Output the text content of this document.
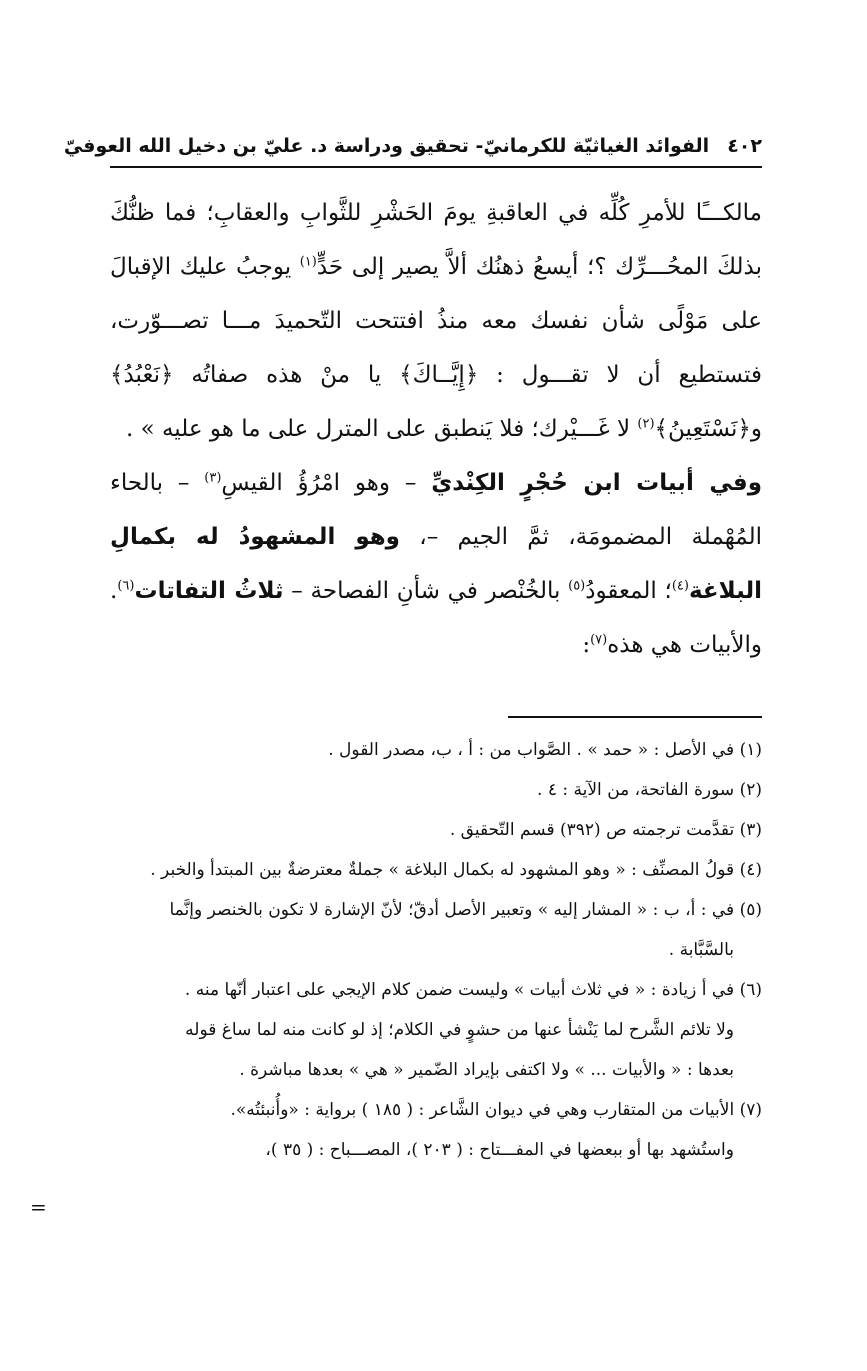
٤٠٢
الفوائد الغياثيّة للكرمانيّ- تحقيق ودراسة د. عليّ بن دخيل الله العوفيّ

مالكـــًا للأمرِ كُلِّه في العاقبةِ يومَ الحَشْرِ للثَّوابِ والعقابِ؛ فما ظنُّكَ بذلكَ المحُـــرِّك ؟؛ أيسعُ ذهنُك ألاَّ يصير إلى حَدٍّ$^{(١)}$ يوجبُ عليك الإقبالَ على مَوْلًى شأن نفسك معه منذُ افتتحت التّحميدَ مـــا تصـــوّرت، فتستطيع أن لا تقـــول : ﴿إِيَّــاكَ﴾ يا منْ هذه صفاتُه ﴿نَعْبُدُ﴾ و﴿نَسْتَعِينُ﴾$^{(٢)}$ لا غَـــيْرك؛ فلا يَنطبق على المترل على ما هو عليه » .

وفي أبيات ابن حُجْرٍ الكِنْديِّ – وهو امْرُؤُ القيسِ$^{(٣)}$ – بالحاء المُهْملة المضمومَة، ثمَّ الجيم –، وهو المشهودُ له بكمالِ البلاغة$^{(٤)}$؛ المعقودُ$^{(٥)}$ بالخُنْصر في شأنِ الفصاحة – ثلاثُ التفاتات$^{(٦)}$. والأبيات هي هذه$^{(٧)}$:

(١) في الأصل : « حمد » . الصَّواب من : أ ، ب، مصدر القول .

(٢) سورة الفاتحة، من الآية : ٤ .

(٣) تقدَّمت ترجمته ص (٣٩٢) قسم التّحقيق .

(٤) قولُ المصنِّف : « وهو المشهود له بكمال البلاغة » جملةٌ معترضةٌ بين المبتدأ والخبر .

(٥) في : أ، ب : « المشار إليه » وتعبير الأصل أدقّ؛ لأنّ الإشارة لا تكون بالخنصر وإنَّما

بالسَّبَّابة .

(٦) في أ زيادة : « في ثلاث أبيات » وليست ضمن كلام الإيجي على اعتبار أنّها منه .

ولا تلائم الشَّرح لما يَنْشأ عنها من حشوٍ في الكلام؛ إذ لو كانت منه لما ساغ قوله

بعدها : « والأبيات ... » ولا اكتفى بإيراد الضّمير « هي » بعدها مباشرة .

(٧) الأبيات من المتقارب وهي في ديوان الشَّاعر : ( ١٨٥ ) برواية : «وأُنبئتُه».

واستُشهد بها أو ببعضها في المفـــتاح : ( ٢٠٣ )، المصـــباح : ( ٣٥ )،

=
